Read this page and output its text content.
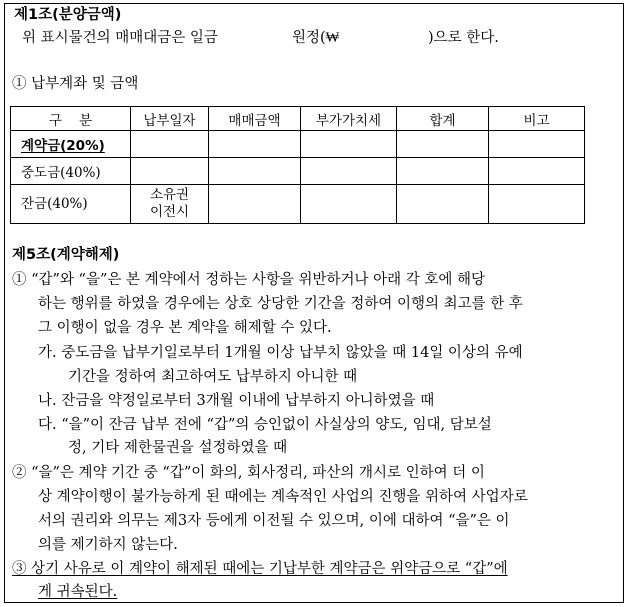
제1조(분양금액)
위 표시물건의 매매대금은 일금	원정(₩	)으로 한다.
① 납부계좌 및 금액
구    분	납부일자	매매금액	부가가치세	합계	비고
계약금(20%)					
중도금(40%)					
잔금(40%)	소유권
이전시				

제5조(계약해제)
① “갑”와 “을”은 본 계약에서 정하는 사항을 위반하거나 아래 각 호에 해당
하는 행위를 하였을 경우에는 상호 상당한 기간을 정하여 이행의 최고를 한 후
그 이행이 없을 경우 본 계약을 해제할 수 있다.
가. 중도금을 납부기일로부터 1개월 이상 납부치 않았을 때 14일 이상의 유예
기간을 정하여 최고하여도 납부하지 아니한 때
나. 잔금을 약정일로부터 3개월 이내에 납부하지 아니하였을 때
다. “을”이 잔금 납부 전에 “갑”의 승인없이 사실상의 양도, 임대, 담보설
정, 기타 제한물권을 설정하였을 때
② “을”은 계약 기간 중 “갑”이 화의, 회사정리, 파산의 개시로 인하여 더 이
상 계약이행이 불가능하게 된 때에는 계속적인 사업의 진행을 위하여 사업자로
서의 권리와 의무는 제3자 등에게 이전될 수 있으며, 이에 대하여 “을”은 이
의를 제기하지 않는다.
③ 상기 사유로 이 계약이 해제된 때에는 기납부한 계약금은 위약금으로 “갑”에
게 귀속된다.
